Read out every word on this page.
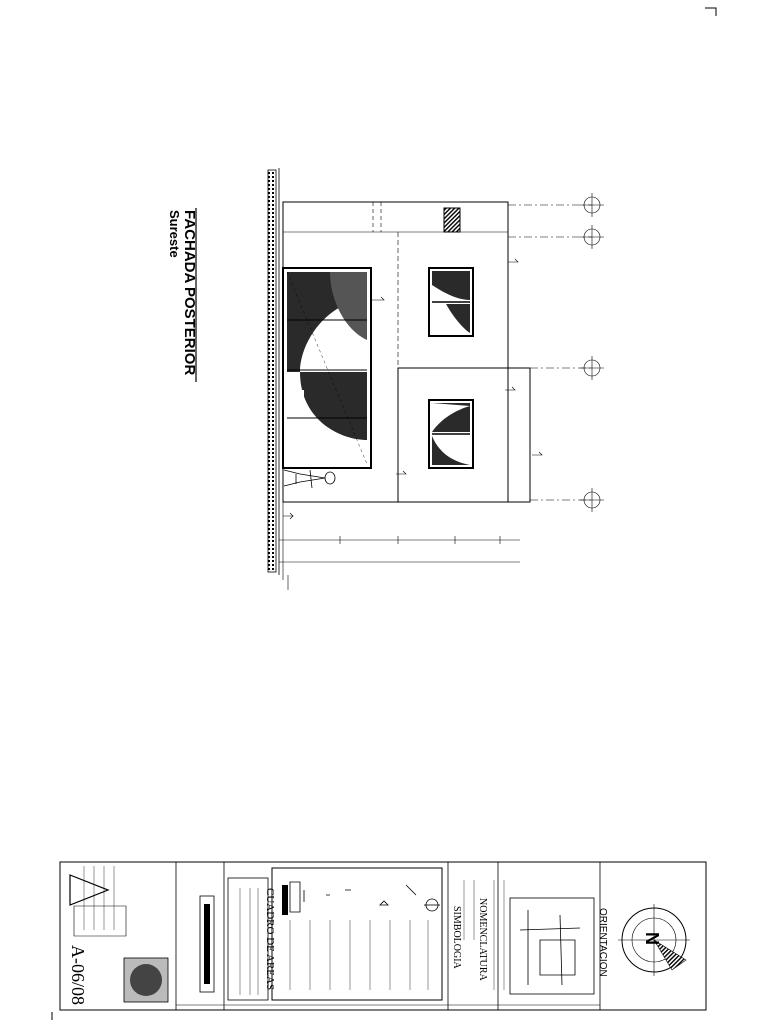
FACHADA POSTERIOR
Sureste
A-06/08	CUADRO DE AREAS	SIMBOLOGIA NOMENCLATURA	ORIENTACION N
